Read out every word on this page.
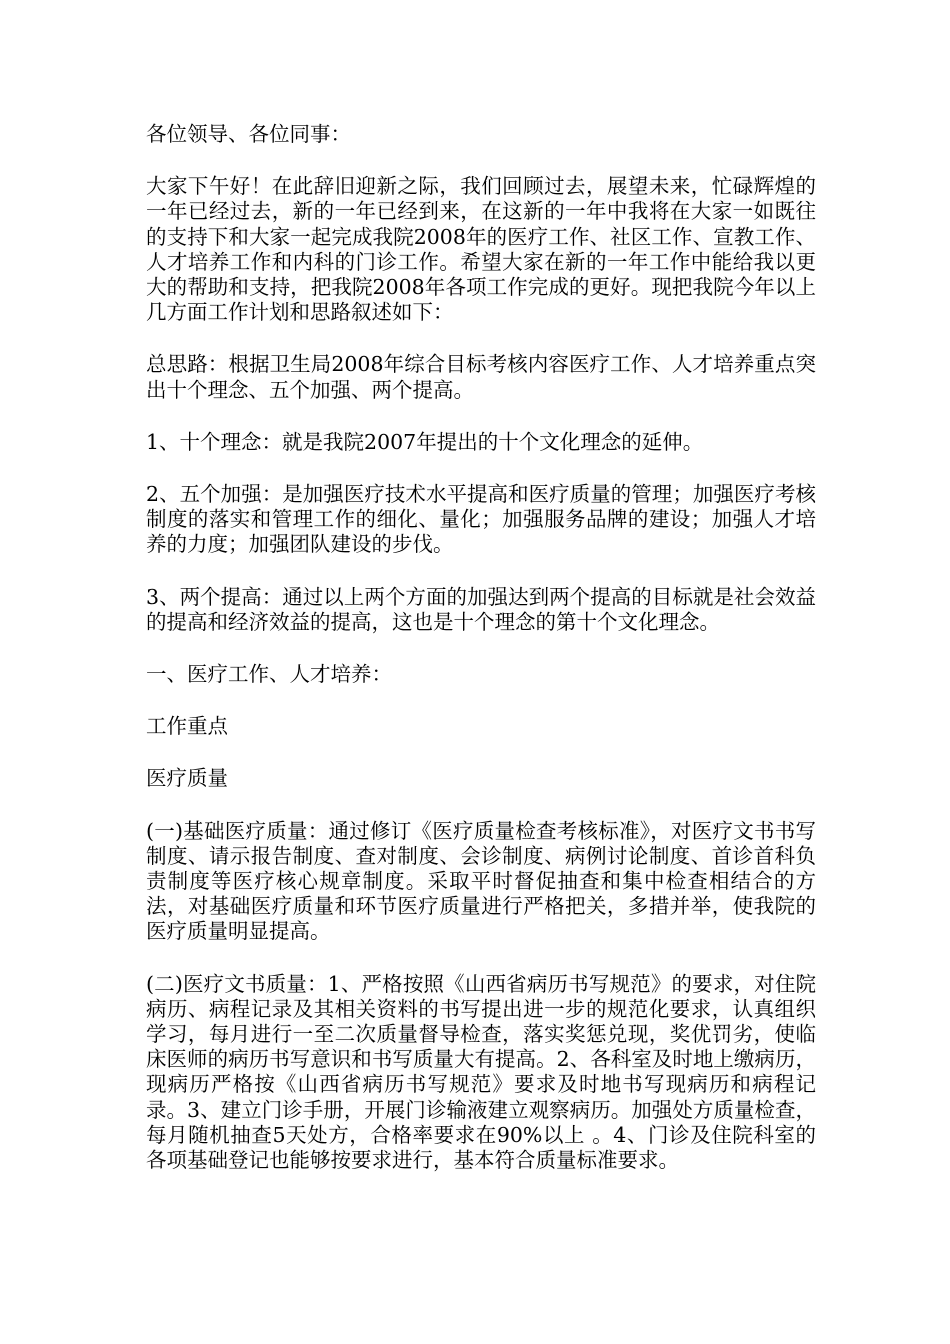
各位领导、各位同事：

大家下午好！在此辞旧迎新之际，我们回顾过去，展望未来，忙碌辉煌的一年已经过去，新的一年已经到来，在这新的一年中我将在大家一如既往的支持下和大家一起完成我院2008年的医疗工作、社区工作、宣教工作、人才培养工作和内科的门诊工作。希望大家在新的一年工作中能给我以更大的帮助和支持，把我院2008年各项工作完成的更好。现把我院今年以上几方面工作计划和思路叙述如下：

总思路：根据卫生局2008年综合目标考核内容医疗工作、人才培养重点突出十个理念、五个加强、两个提高。

1、十个理念：就是我院2007年提出的十个文化理念的延伸。

2、五个加强：是加强医疗技术水平提高和医疗质量的管理；加强医疗考核制度的落实和管理工作的细化、量化；加强服务品牌的建设；加强人才培养的力度；加强团队建设的步伐。

3、两个提高：通过以上两个方面的加强达到两个提高的目标就是社会效益的提高和经济效益的提高，这也是十个理念的第十个文化理念。

一、医疗工作、人才培养：

工作重点

医疗质量

(一)基础医疗质量：通过修订《医疗质量检查考核标准》，对医疗文书书写制度、请示报告制度、查对制度、会诊制度、病例讨论制度、首诊首科负责制度等医疗核心规章制度。采取平时督促抽查和集中检查相结合的方法，对基础医疗质量和环节医疗质量进行严格把关，多措并举，使我院的医疗质量明显提高。

(二)医疗文书质量：1、严格按照《山西省病历书写规范》的要求，对住院病历、病程记录及其相关资料的书写提出进一步的规范化要求，认真组织学习，每月进行一至二次质量督导检查，落实奖惩兑现，奖优罚劣，使临床医师的病历书写意识和书写质量大有提高。2、各科室及时地上缴病历，现病历严格按《山西省病历书写规范》要求及时地书写现病历和病程记录。3、建立门诊手册，开展门诊输液建立观察病历。加强处方质量检查，每月随机抽查5天处方，合格率要求在90%以上 。4、门诊及住院科室的各项基础登记也能够按要求进行，基本符合质量标准要求。
